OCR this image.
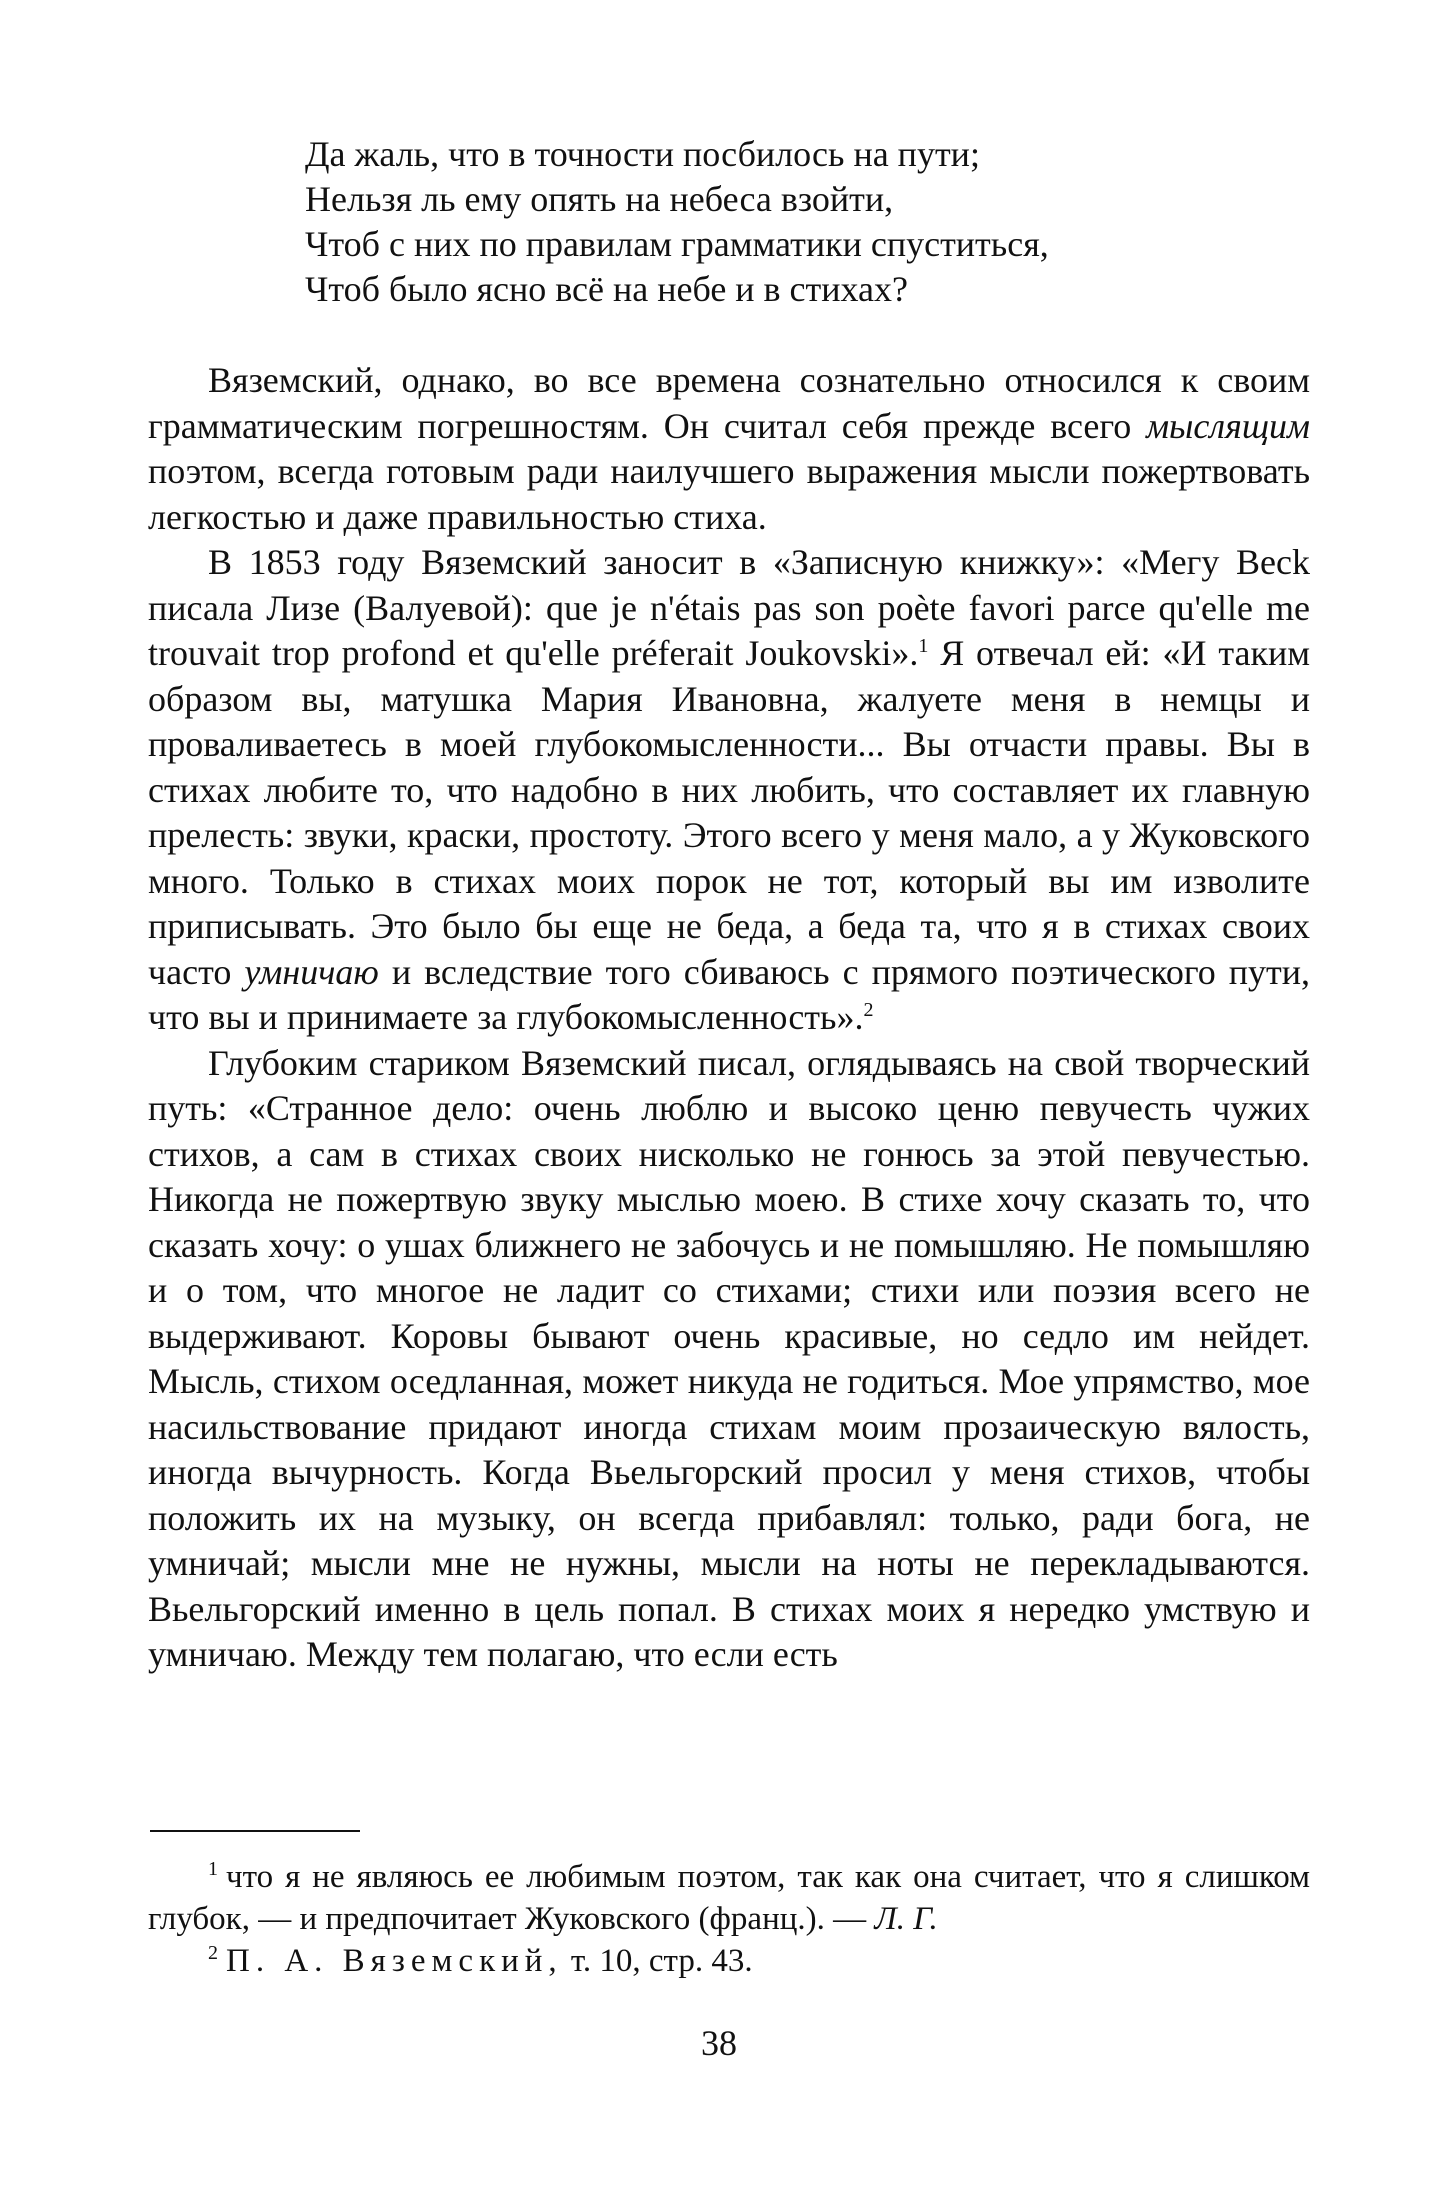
Да жаль, что в точности посбилось на пути;
Нельзя ль ему опять на небеса взойти,
Чтоб с них по правилам грамматики спуститься,
Чтоб было ясно всё на небе и в стихах?

Вяземский, однако, во все времена сознательно относился к своим грамматическим погрешностям. Он считал себя прежде всего мыслящим поэтом, всегда готовым ради наилучшего выражения мысли пожертвовать легкостью и даже правильностью стиха.

В 1853 году Вяземский заносит в «Записную книжку»: «Мегу Beck писала Лизе (Валуевой): que je n'étais pas son poète favori parce qu'elle me trouvait trop profond et qu'elle préferait Joukovski».$^1$ Я отвечал ей: «И таким образом вы, матушка Мария Ивановна, жалуете меня в немцы и проваливаетесь в моей глубокомысленности... Вы отчасти правы. Вы в стихах любите то, что надобно в них любить, что составляет их главную прелесть: звуки, краски, простоту. Этого всего у меня мало, а у Жуковского много. Только в стихах моих порок не тот, который вы им изволите приписывать. Это было бы еще не беда, а беда та, что я в стихах своих часто умничаю и вследствие того сбиваюсь с прямого поэтического пути, что вы и принимаете за глубокомысленность».$^2$

Глубоким стариком Вяземский писал, оглядываясь на свой творческий путь: «Странное дело: очень люблю и высоко ценю певучесть чужих стихов, а сам в стихах своих нисколько не гонюсь за этой певучестью. Никогда не пожертвую звуку мыслью моею. В стихе хочу сказать то, что сказать хочу: о ушах ближнего не забочусь и не помышляю. Не помышляю и о том, что многое не ладит со стихами; стихи или поэзия всего не выдерживают. Коровы бывают очень красивые, но седло им нейдет. Мысль, стихом оседланная, может никуда не годиться. Мое упрямство, мое насильствование придают иногда стихам моим прозаическую вялость, иногда вычурность. Когда Вьельгорский просил у меня стихов, чтобы положить их на музыку, он всегда прибавлял: только, ради бога, не умничай; мысли мне не нужны, мысли на ноты не перекладываются. Вьельгорский именно в цель попал. В стихах моих я нередко умствую и умничаю. Между тем полагаю, что если есть

$^1$ что я не являюсь ее любимым поэтом, так как она считает, что я слишком глубок, — и предпочитает Жуковского (франц.). — Л. Г.

$^2$ П. А. Вяземский, т. 10, стр. 43.

38
